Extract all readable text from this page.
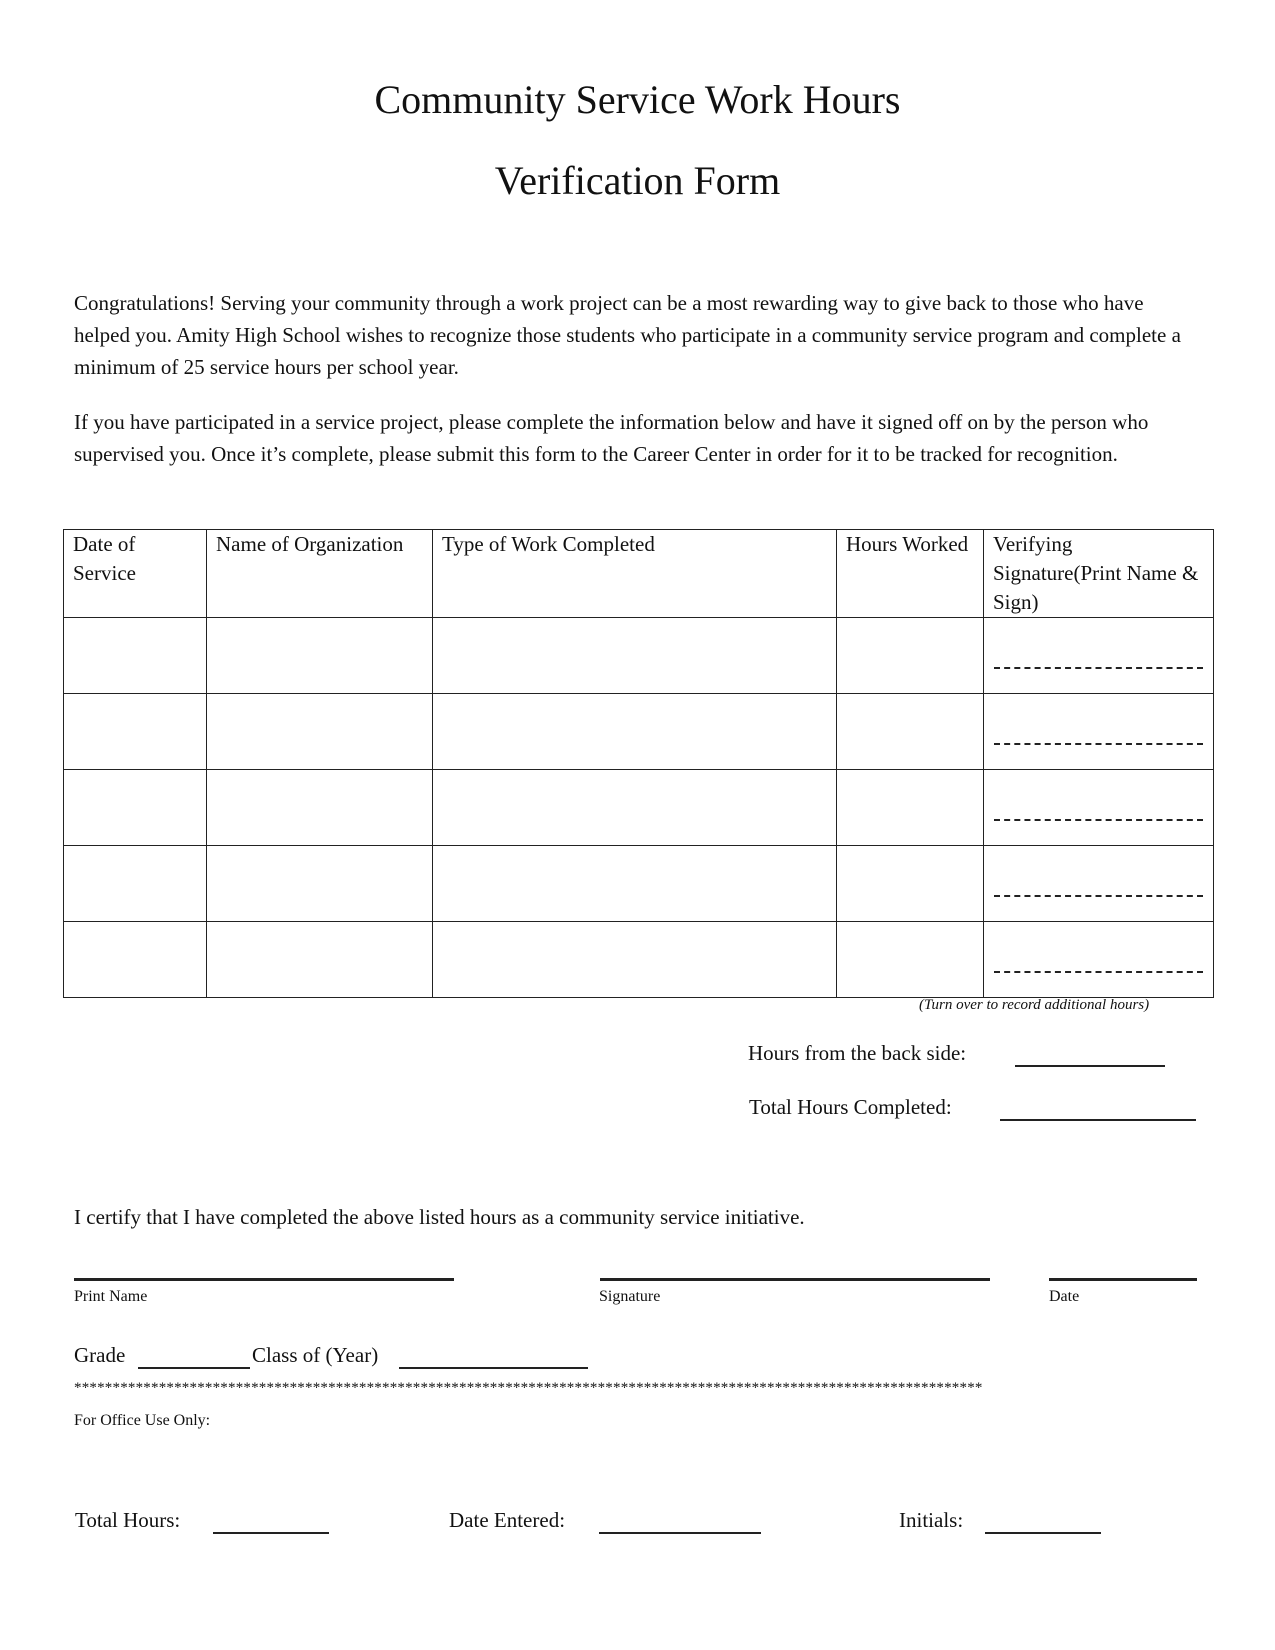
Community Service Work Hours
Verification Form
Congratulations! Serving your community through a work project can be a most rewarding way to give back to those who have helped you. Amity High School wishes to recognize those students who participate in a community service program and complete a minimum of 25 service hours per school year.
If you have participated in a service project, please complete the information below and have it signed off on by the person who supervised you. Once it’s complete, please submit this form to the Career Center in order for it to be tracked for recognition.
Date of Service	Name of Organization	Type of Work Completed	Hours Worked	Verifying Signature(Print Name & Sign)

(Turn over to record additional hours)
Hours from the back side:
Total Hours Completed:
I certify that I have completed the above listed hours as a community service initiative.
Print Name	Signature	Date
Grade	Class of (Year)
**********************************************************************************************************************
For Office Use Only:
Total Hours:	Date Entered:	Initials:
